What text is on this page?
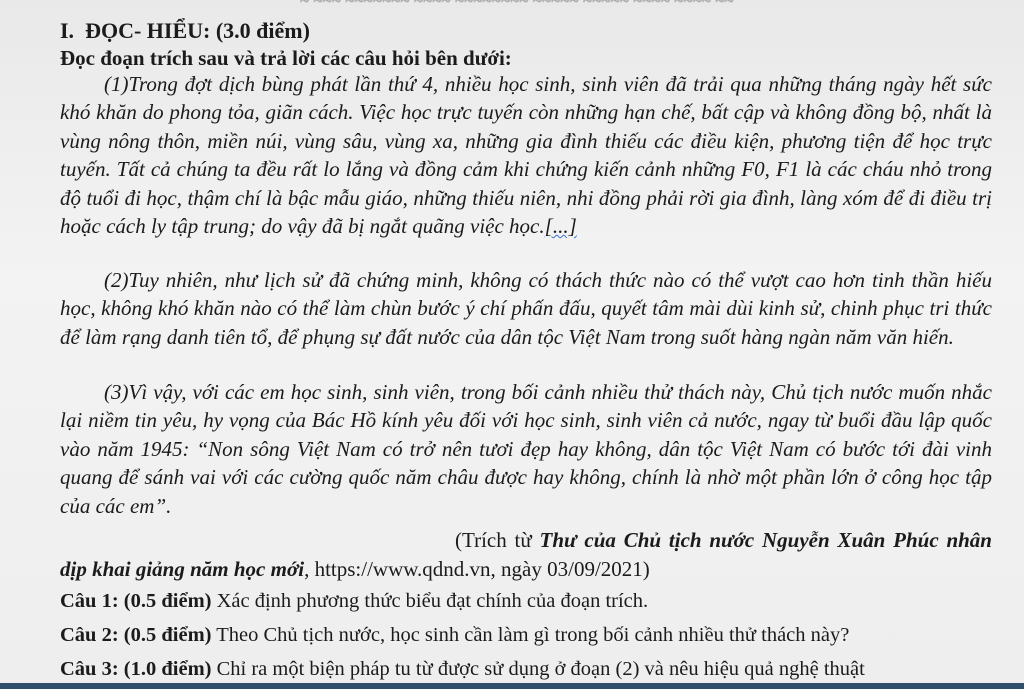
I. ĐỌC- HIỂU: (3.0 điểm)
Đọc đoạn trích sau và trả lời các câu hỏi bên dưới:
(1)Trong đợt dịch bùng phát lần thứ 4, nhiều học sinh, sinh viên đã trải qua những tháng ngày hết sức khó khăn do phong tỏa, giãn cách. Việc học trực tuyến còn những hạn chế, bất cập và không đồng bộ, nhất là vùng nông thôn, miền núi, vùng sâu, vùng xa, những gia đình thiếu các điều kiện, phương tiện để học trực tuyến. Tất cả chúng ta đều rất lo lắng và đồng cảm khi chứng kiến cảnh những F0, F1 là các cháu nhỏ trong độ tuổi đi học, thậm chí là bậc mẫu giáo, những thiếu niên, nhi đồng phải rời gia đình, làng xóm để đi điều trị hoặc cách ly tập trung; do vậy đã bị ngắt quãng việc học.[...]
(2)Tuy nhiên, như lịch sử đã chứng minh, không có thách thức nào có thể vượt cao hơn tinh thần hiếu học, không khó khăn nào có thể làm chùn bước ý chí phấn đấu, quyết tâm mài dùi kinh sử, chinh phục tri thức để làm rạng danh tiên tổ, để phụng sự đất nước của dân tộc Việt Nam trong suốt hàng ngàn năm văn hiến.
(3)Vì vậy, với các em học sinh, sinh viên, trong bối cảnh nhiều thử thách này, Chủ tịch nước muốn nhắc lại niềm tin yêu, hy vọng của Bác Hồ kính yêu đối với học sinh, sinh viên cả nước, ngay từ buổi đầu lập quốc vào năm 1945: “Non sông Việt Nam có trở nên tươi đẹp hay không, dân tộc Việt Nam có bước tới đài vinh quang để sánh vai với các cường quốc năm châu được hay không, chính là nhờ một phần lớn ở công học tập của các em”.
(Trích từ Thư của Chủ tịch nước Nguyễn Xuân Phúc nhân dịp khai giảng năm học mới, https://www.qdnd.vn, ngày 03/09/2021)
Câu 1: (0.5 điểm) Xác định phương thức biểu đạt chính của đoạn trích.
Câu 2: (0.5 điểm) Theo Chủ tịch nước, học sinh cần làm gì trong bối cảnh nhiều thử thách này?
Câu 3: (1.0 điểm) Chỉ ra một biện pháp tu từ được sử dụng ở đoạn (2) và nêu hiệu quả nghệ thuật
